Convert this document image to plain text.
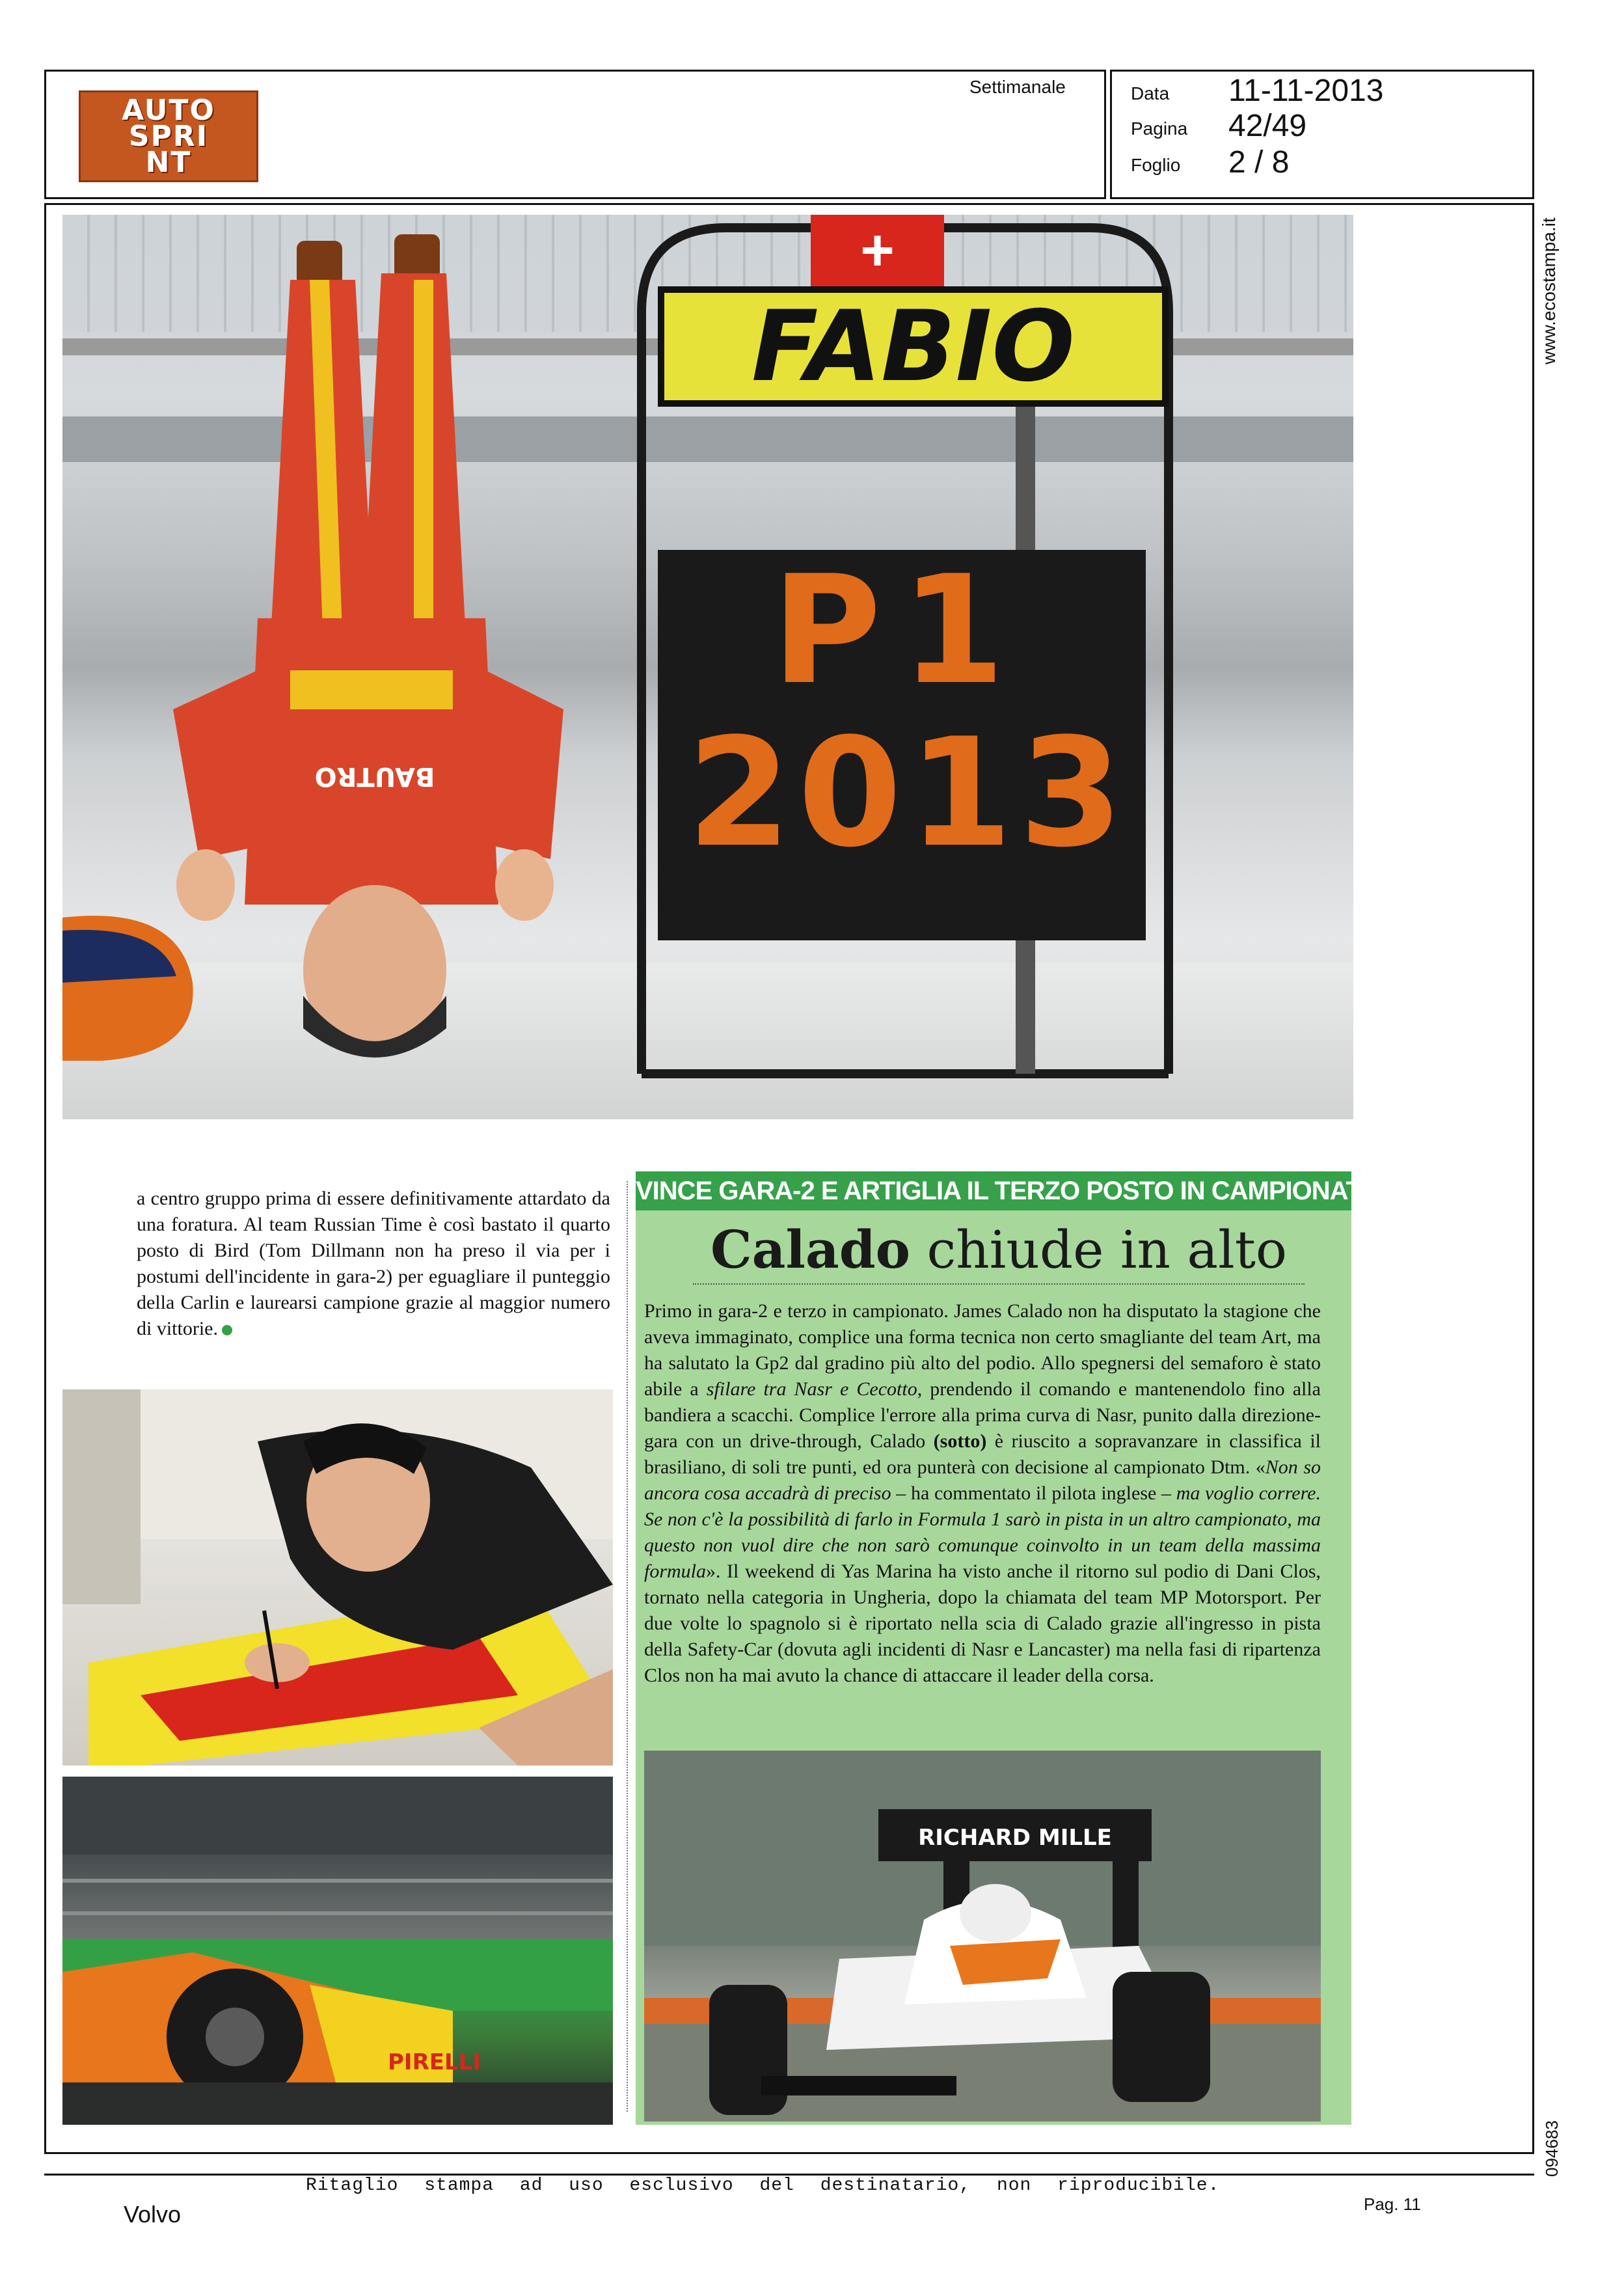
AUTO
SPRI
NT
Settimanale	Data 11-11-2013
Pagina 42/49
Foglio 2 / 8
www.ecostampa.it
094683
BAUTRO
+
FABIO
P1
2013
a centro gruppo prima di essere definitivamente attardato da una foratura. Al team Russian Time è così bastato il quarto posto di Bird (Tom Dillmann non ha preso il via per i postumi dell'incidente in gara-2) per eguagliare il punteggio della Carlin e laurearsi campione grazie al maggior numero di vittorie.
PIRELLI
VINCE GARA-2 E ARTIGLIA IL TERZO POSTO IN CAMPIONATO
Calado chiude in alto
Primo in gara-2 e terzo in campionato. James Calado non ha disputato la stagione che aveva immaginato, complice una forma tecnica non certo smagliante del team Art, ma ha salutato la Gp2 dal gradino più alto del podio. Allo spegnersi del semaforo è stato abile a sfilare tra Nasr e Cecotto, prendendo il comando e mantenendolo fino alla bandiera a scacchi. Complice l'errore alla prima curva di Nasr, punito dalla direzione-gara con un drive-through, Calado (sotto) è riuscito a sopravanzare in classifica il brasiliano, di soli tre punti, ed ora punterà con decisione al campionato Dtm. «Non so ancora cosa accadrà di preciso – ha commentato il pilota inglese – ma voglio correre. Se non c'è la possibilità di farlo in Formula 1 sarò in pista in un altro campionato, ma questo non vuol dire che non sarò comunque coinvolto in un team della massima formula». Il weekend di Yas Marina ha visto anche il ritorno sul podio di Dani Clos, tornato nella categoria in Ungheria, dopo la chiamata del team MP Motorsport. Per due volte lo spagnolo si è riportato nella scia di Calado grazie all'ingresso in pista della Safety-Car (dovuta agli incidenti di Nasr e Lancaster) ma nella fasi di ripartenza Clos non ha mai avuto la chance di attaccare il leader della corsa.
RICHARD MILLE
Ritaglio stampa ad uso esclusivo del destinatario, non riproducibile.
Volvo	Pag. 11
